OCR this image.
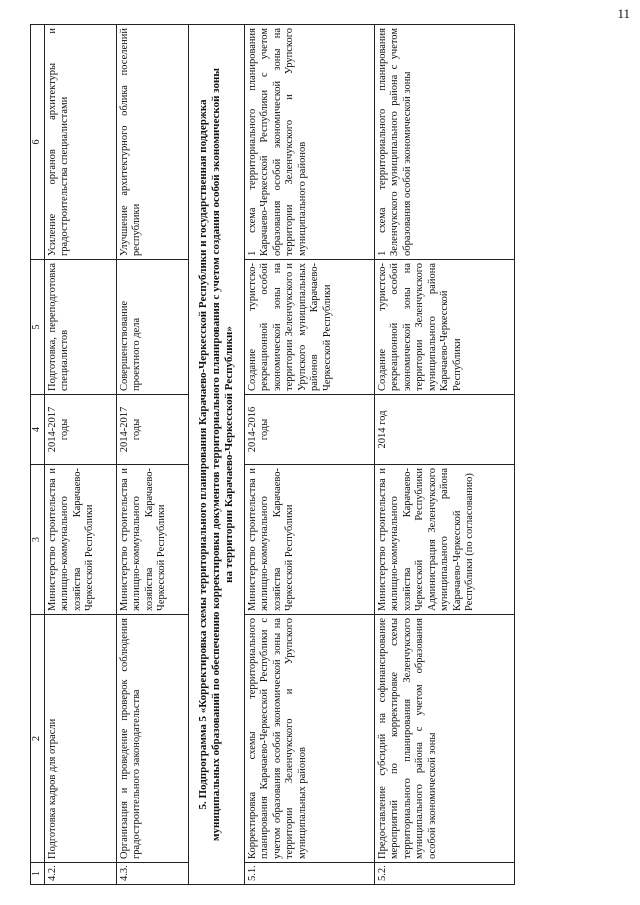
11
1	2	3	4	5	6
4.2.	Подготовка кадров для отрасли	Министерство строительства и жилищно-коммунального хозяйства Карачаево-Черкесской Республики	2014-2017 годы	Подготовка, переподготовка специалистов	Усиление органов архитектуры и градостроительства специалистами
4.3.	Организация и проведение проверок соблюдения градостроительного законодательства	Министерство строительства и жилищно-коммунального хозяйства Карачаево-Черкесской Республики	2014-2017 годы	Совершенствование проектного дела	Улучшение архитектурного облика поселений республики
5. Подпрограмма 5 «Корректировка схемы территориального планирования Карачаево-Черкесской Республики и государственная поддержка муниципальных образований по обеспечению корректировки документов территориального планирования с учетом создания особой экономической зоны на территории Карачаево-Черкесской Республики»					
5.1.	Корректировка схемы территориального планирования Карачаево-Черкесской Республики с учетом образования особой экономической зоны на территории Зеленчукского и Урупского муниципальных районов	Министерство строительства и жилищно-коммунального хозяйства Карачаево-Черкесской Республики	2014-2016 годы	Создание туристско-рекреационной особой экономической зоны на территории Зеленчукского и Урупского муниципальных районов Карачаево-Черкесской Республики	1 схема территориального планирования Карачаево-Черкесской Республики с учетом образования особой экономической зоны на территории Зеленчукского и Урупского муниципального районов
5.2.	Предоставление субсидий на софинансирование мероприятий по корректировке схемы территориального планирования Зеленчукского муниципального района с учетом образования особой экономической зоны	Министерство строительства и жилищно-коммунального хозяйства Карачаево-Черкесской Республики Администрация Зеленчукского муниципального района Карачаево-Черкесской Республики (по согласованию)	2014 год	Создание туристско-рекреационной особой экономической зоны на территории Зеленчукского муниципального района Карачаево-Черкесской Республики	1 схема территориального планирования Зеленчукского муниципального района с учетом образования особой экономической зоны
